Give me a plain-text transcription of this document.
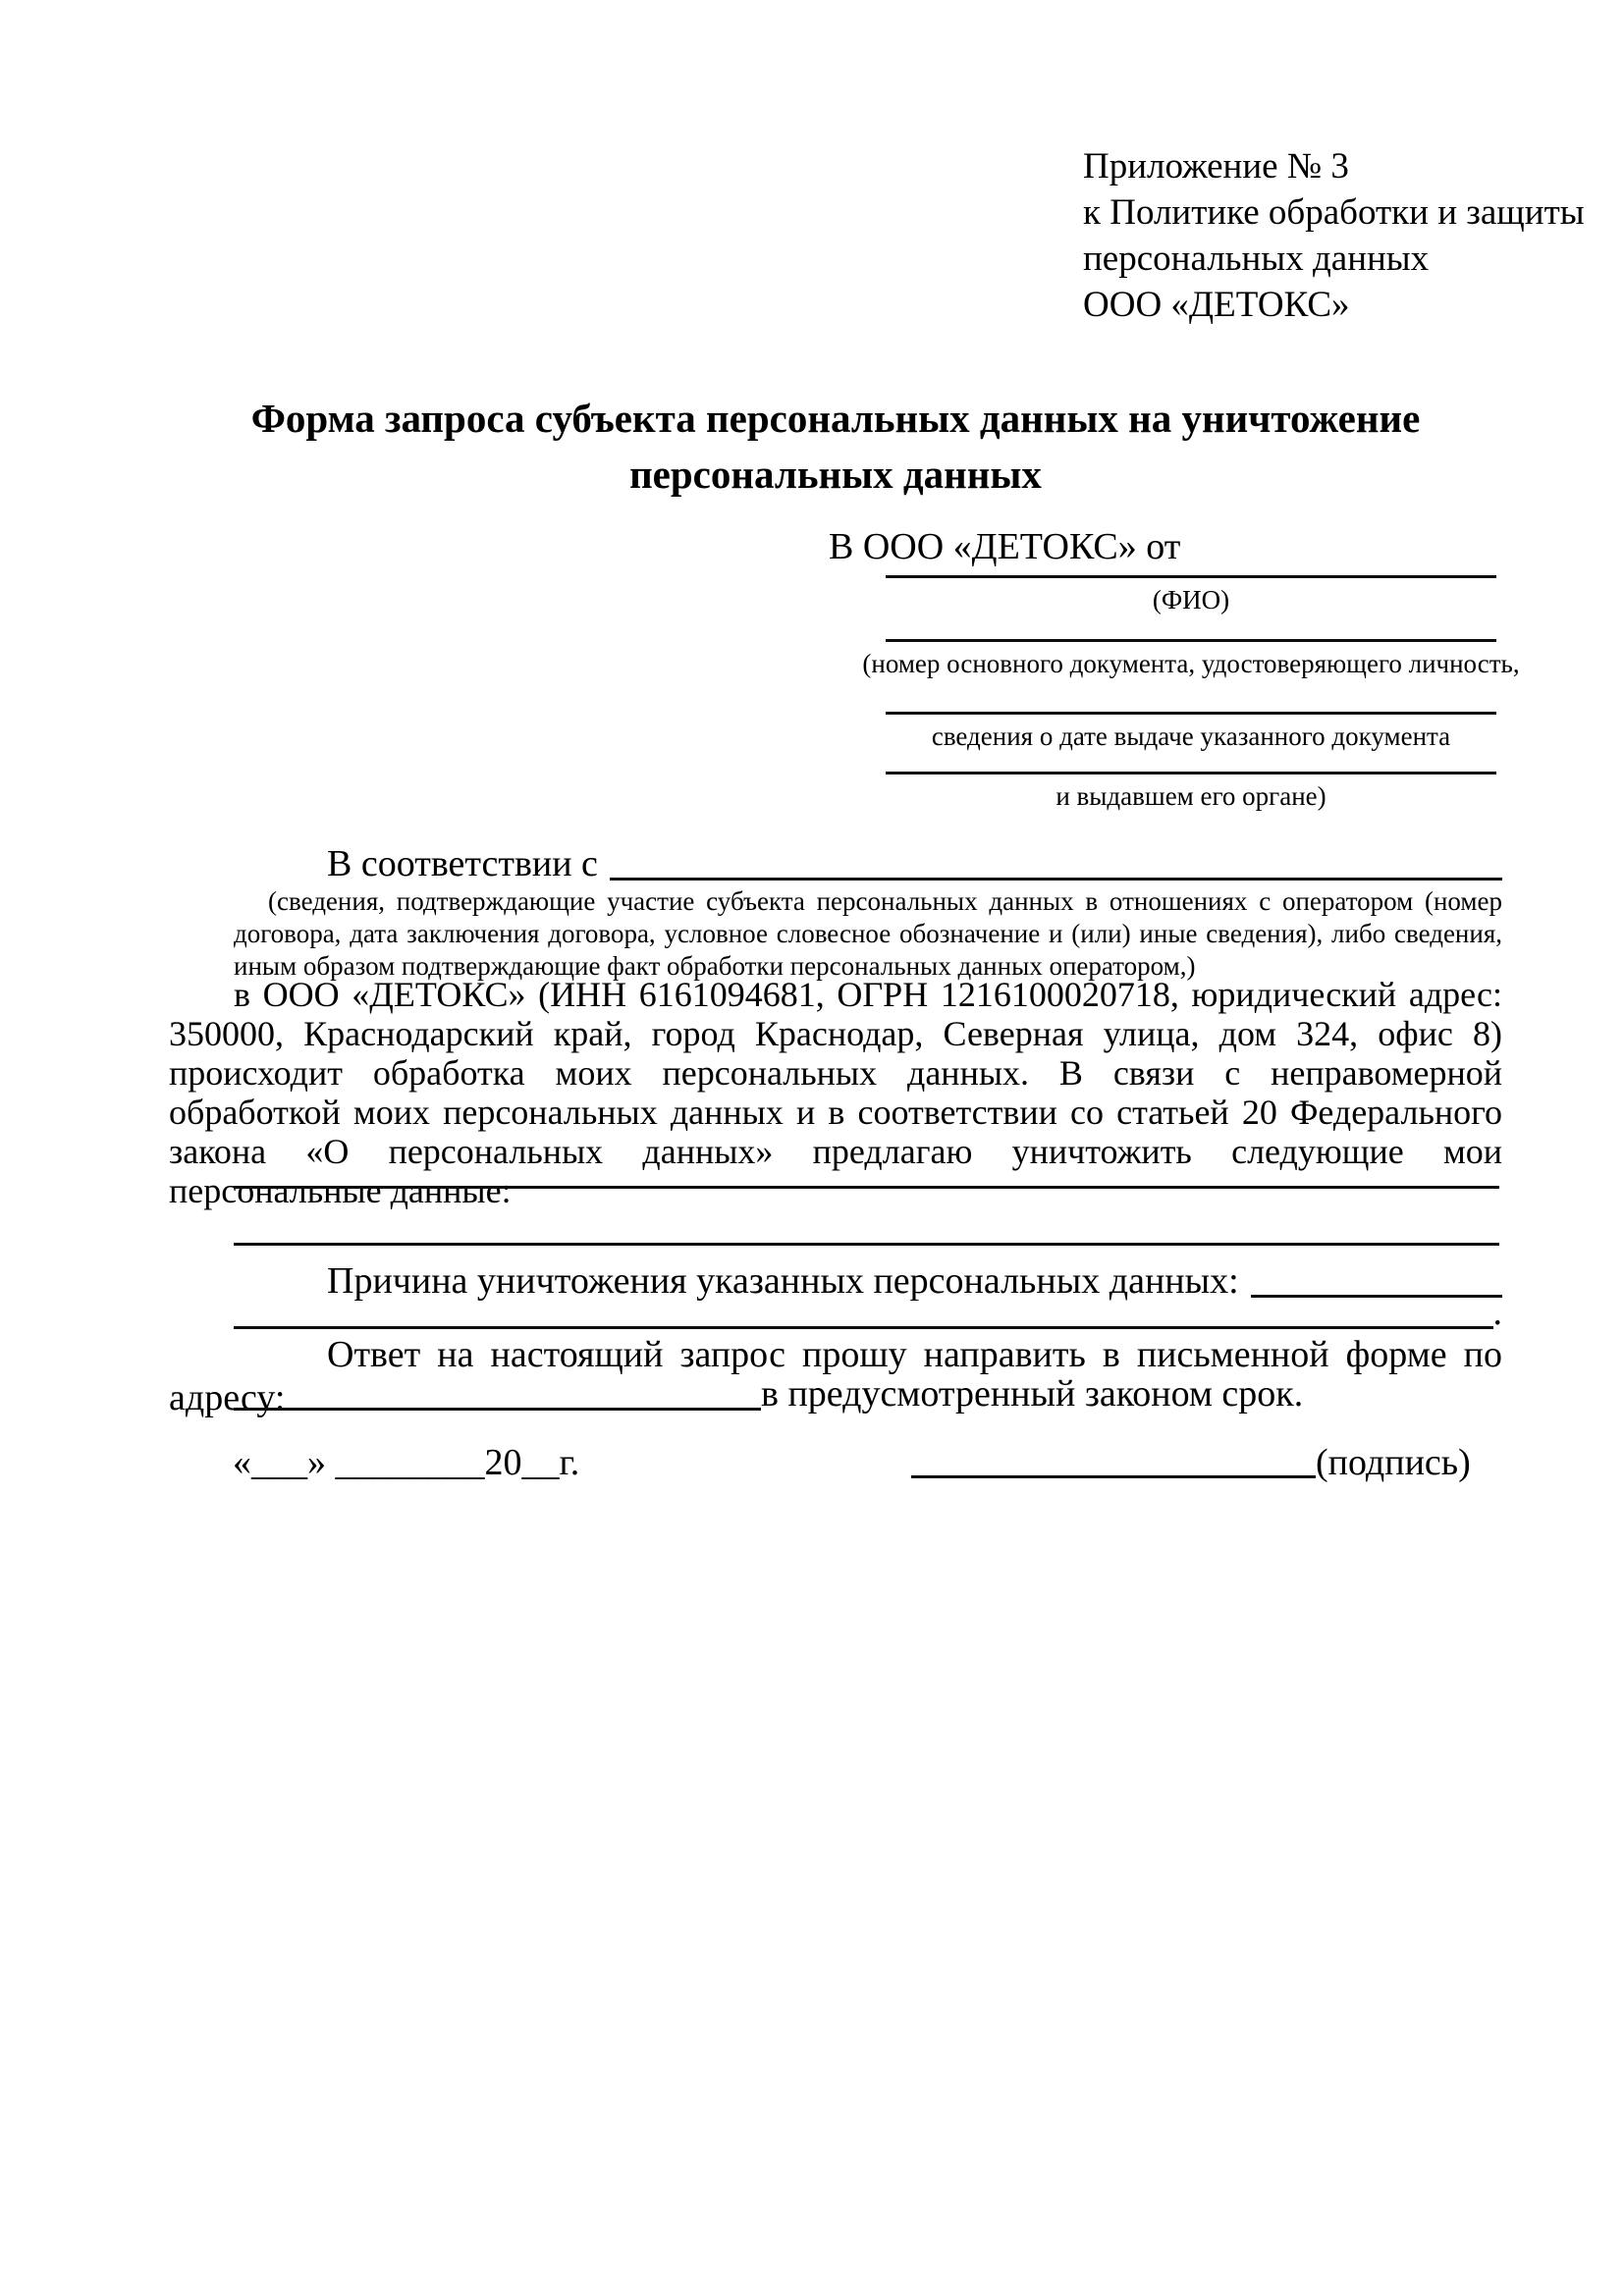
Приложение № 3
к Политике обработки и защиты
персональных данных
ООО «ДЕТОКС»
Форма запроса субъекта персональных данных на уничтожение
персональных данных
В ООО «ДЕТОКС» от
(ФИО)
(номер основного документа, удостоверяющего личность,
сведения о дате выдаче указанного документа
и выдавшем его органе)
В соответствии с
(сведения, подтверждающие участие субъекта персональных данных в отношениях с оператором (номер договора, дата заключения договора, условное словесное обозначение и (или) иные сведения), либо сведения, иным образом подтверждающие факт обработки персональных данных оператором,)
в ООО «ДЕТОКС» (ИНН 6161094681, ОГРН 1216100020718, юридический адрес: 350000, Краснодарский край, город Краснодар, Северная улица, дом 324, офис 8) происходит обработка моих персональных данных. В связи с неправомерной обработкой моих персональных данных и в соответствии со статьей 20 Федерального закона «О персональных данных» предлагаю уничтожить следующие мои персональные данные:
Причина уничтожения указанных персональных данных:
.
Ответ на настоящий запрос прошу направить в письменной форме по адресу:	в предусмотренный законом срок.
«___» ________20__г.	(подпись)
